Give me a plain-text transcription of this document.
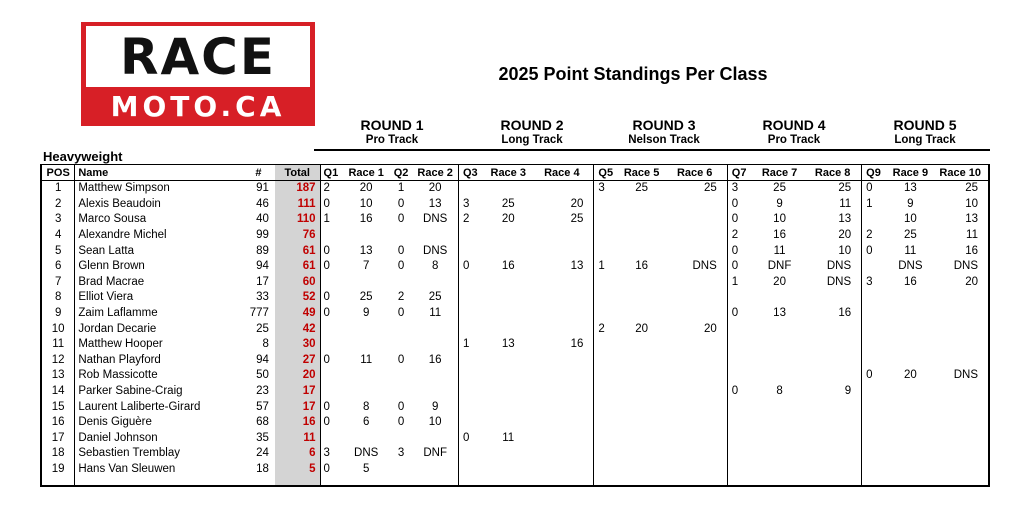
RACE
MOTO.CA
2025 Point Standings Per Class
ROUND 1
Pro Track
ROUND 2
Long Track
ROUND 3
Nelson Track
ROUND 4
Pro Track
ROUND 5
Long Track
Heavyweight
POS	Name	#	Total	Q1	Race 1	Q2	Race 2	Q3	Race 3	Race 4	Q5	Race 5	Race 6	Q7	Race 7	Race 8	Q9	Race 9	Race 10
1	Matthew Simpson	91	187	2	20	1	20				3	25	25	3	25	25	0	13	25
2	Alexis Beaudoin	46	111	0	10	0	13	3	25	20				0	9	11	1	9	10
3	Marco Sousa	40	110	1	16	0	DNS	2	20	25				0	10	13		10	13
4	Alexandre Michel	99	76											2	16	20	2	25	11
5	Sean Latta	89	61	0	13	0	DNS							0	11	10	0	11	16
6	Glenn Brown	94	61	0	7	0	8	0	16	13	1	16	DNS	0	DNF	DNS		DNS	DNS
7	Brad Macrae	17	60											1	20	DNS	3	16	20
8	Elliot Viera	33	52	0	25	2	25												
9	Zaim Laflamme	777	49	0	9	0	11							0	13	16			
10	Jordan Decarie	25	42								2	20	20						
11	Matthew Hooper	8	30					1	13	16									
12	Nathan Playford	94	27	0	11	0	16												
13	Rob Massicotte	50	20														0	20	DNS
14	Parker Sabine-Craig	23	17											0	8	9			
15	Laurent Laliberte-Girard	57	17	0	8	0	9												
16	Denis Giguère	68	16	0	6	0	10												
17	Daniel Johnson	35	11					0	11										
18	Sebastien Tremblay	24	6	3	DNS	3	DNF												
19	Hans Van Sleuwen	18	5	0	5														
